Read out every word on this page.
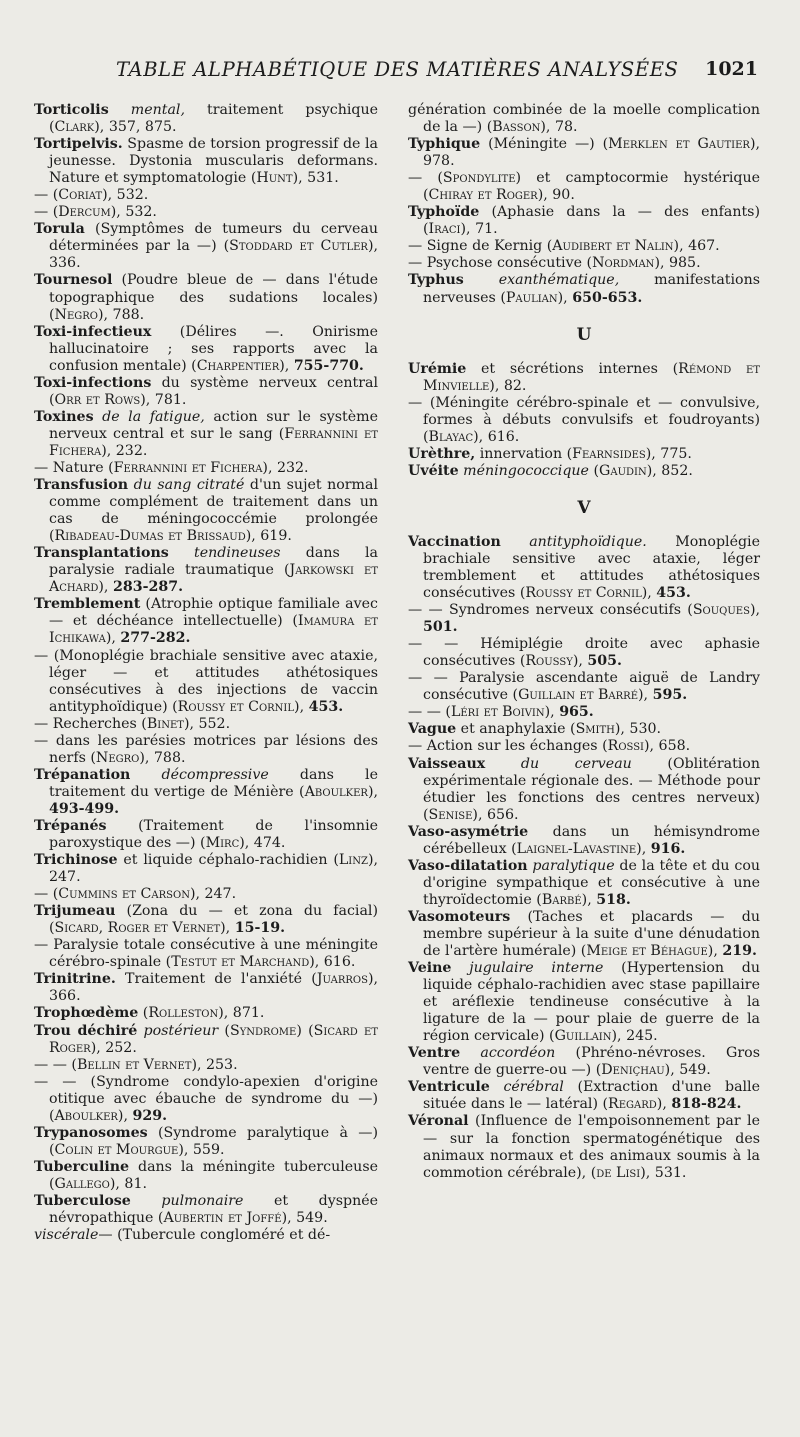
TABLE ALPHABÉTIQUE DES MATIÈRES ANALYSÉES 1021

Torticolis mental, traitement psychique (Clark), 357, 875.

Tortipelvis. Spasme de torsion progressif de la jeunesse. Dystonia muscularis deformans. Nature et symptomatologie (Hunt), 531.

— (Coriat), 532.

— (Dercum), 532.

Torula (Symptômes de tumeurs du cerveau déterminées par la —) (Stoddard et Cutler), 336.

Tournesol (Poudre bleue de — dans l'étude topographique des sudations locales) (Negro), 788.

Toxi-infectieux (Délires —. Onirisme hallucinatoire ; ses rapports avec la confusion mentale) (Charpentier), 755-770.

Toxi-infections du système nerveux central (Orr et Rows), 781.

Toxines de la fatigue, action sur le système nerveux central et sur le sang (Ferrannini et Fichera), 232.

— Nature (Ferrannini et Fichera), 232.

Transfusion du sang citraté d'un sujet normal comme complément de traitement dans un cas de méningococcémie prolongée (Ribadeau-Dumas et Brissaud), 619.

Transplantations tendineuses dans la paralysie radiale traumatique (Jarkowski et Achard), 283-287.

Tremblement (Atrophie optique familiale avec — et déchéance intellectuelle) (Imamura et Ichikawa), 277-282.

— (Monoplégie brachiale sensitive avec ataxie, léger — et attitudes athétosiques consécutives à des injections de vaccin antityphoïdique) (Roussy et Cornil), 453.

— Recherches (Binet), 552.

— dans les parésies motrices par lésions des nerfs (Negro), 788.

Trépanation décompressive dans le traitement du vertige de Ménière (Aboulker), 493-499.

Trépanés (Traitement de l'insomnie paroxystique des —) (Mirc), 474.

Trichinose et liquide céphalo-rachidien (Linz), 247.

— (Cummins et Carson), 247.

Trijumeau (Zona du — et zona du facial) (Sicard, Roger et Vernet), 15-19.

— Paralysie totale consécutive à une méningite cérébro-spinale (Testut et Marchand), 616.

Trinitrine. Traitement de l'anxiété (Juarros), 366.

Trophœdème (Rolleston), 871.

Trou déchiré postérieur (Syndrome) (Sicard et Roger), 252.

— — (Bellin et Vernet), 253.

— — (Syndrome condylo-apexien d'origine otitique avec ébauche de syndrome du —) (Aboulker), 929.

Trypanosomes (Syndrome paralytique à —) (Colin et Mourgue), 559.

Tuberculine dans la méningite tuberculeuse (Gallego), 81.

Tuberculose pulmonaire et dyspnée névropathique (Aubertin et Joffé), 549.

viscérale— (Tubercule congloméré et dé-

génération combinée de la moelle complication de la —) (Basson), 78.

Typhique (Méningite —) (Merklen et Gautier), 978.

— (Spondylite) et camptocormie hystérique (Chiray et Roger), 90.

Typhoïde (Aphasie dans la — des enfants) (Iraci), 71.

— Signe de Kernig (Audibert et Nalin), 467.

— Psychose consécutive (Nordman), 985.

Typhus exanthématique, manifestations nerveuses (Paulian), 650-653.

U

Urémie et sécrétions internes (Rémond et Minvielle), 82.

— (Méningite cérébro-spinale et — convulsive, formes à débuts convulsifs et foudroyants) (Blayac), 616.

Urèthre, innervation (Fearnsides), 775.

Uvéite méningococcique (Gaudin), 852.

V

Vaccination antityphoïdique. Monoplégie brachiale sensitive avec ataxie, léger tremblement et attitudes athétosiques consécutives (Roussy et Cornil), 453.

— — Syndromes nerveux consécutifs (Souques), 501.

— — Hémiplégie droite avec aphasie consécutives (Roussy), 505.

— — Paralysie ascendante aiguë de Landry consécutive (Guillain et Barré), 595.

— — (Léri et Boivin), 965.

Vague et anaphylaxie (Smith), 530.

— Action sur les échanges (Rossi), 658.

Vaisseaux	du cerveau (Oblitération expérimentale régionale des. — Méthode pour étudier les fonctions des centres nerveux) (Senise), 656.

Vaso-asymétrie dans un hémisyndrome cérébelleux (Laignel-Lavastine), 916.

Vaso-dilatation paralytique de la tête et du cou d'origine sympathique et consécutive à une thyroïdectomie (Barbé), 518.

Vasomoteurs (Taches et placards — du membre supérieur à la suite d'une dénudation de l'artère humérale) (Meige et Béhague), 219.

Veine jugulaire interne (Hypertension du liquide céphalo-rachidien avec stase papillaire et aréflexie tendineuse consécutive à la ligature de la — pour plaie de guerre de la région cervicale) (Guillain), 245.

Ventre accordéon (Phréno-névroses. Gros ventre de guerre-ou —) (Deniçhau), 549.

Ventricule cérébral (Extraction d'une balle située dans le — latéral) (Regard), 818-824.

Véronal (Influence de l'empoisonnement par le — sur la fonction spermatogénétique des animaux normaux et des animaux soumis à la commotion cérébrale), (de Lisi), 531.
